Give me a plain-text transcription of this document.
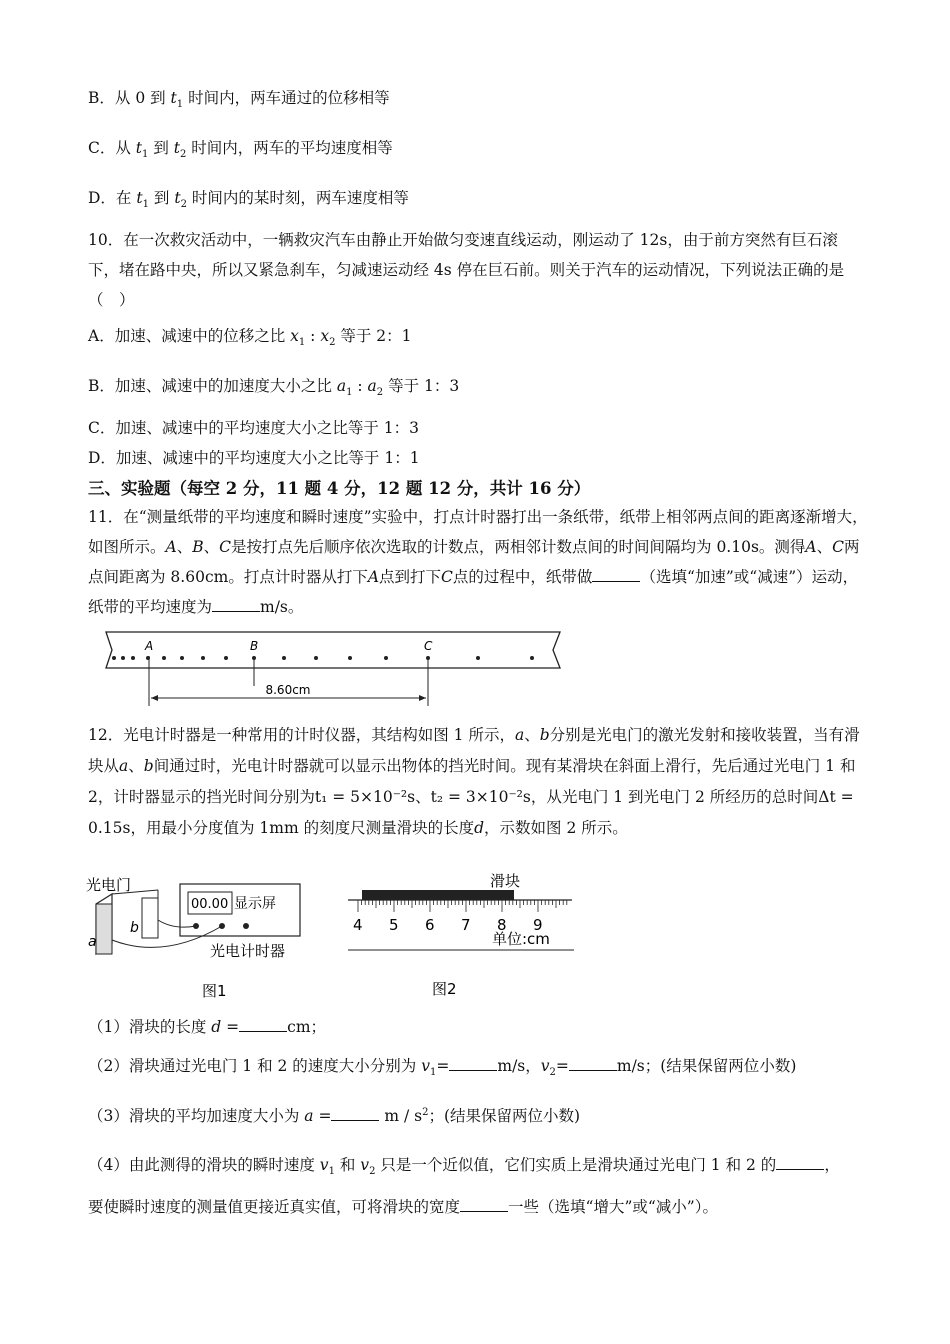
B．从 0 到 $t_1$ 时间内，两车通过的位移相等
C．从 $t_1$ 到 $t_2$ 时间内，两车的平均速度相等
D．在 $t_1$ 到 $t_2$ 时间内的某时刻，两车速度相等
10．在一次救灾活动中，一辆救灾汽车由静止开始做匀变速直线运动，刚运动了 12s，由于前方突然有巨石滚下，堵在路中央，所以又紧急刹车，匀减速运动经 4s 停在巨石前。则关于汽车的运动情况，下列说法正确的是（　）
A．加速、减速中的位移之比 $x_1$ : $x_2$ 等于 2：1
B．加速、减速中的加速度大小之比 $a_1$ : $a_2$ 等于 1：3
C．加速、减速中的平均速度大小之比等于 1：3
D．加速、减速中的平均速度大小之比等于 1：1
三、实验题（每空 2 分，11 题 4 分，12 题 12 分，共计 16 分）
11．在“测量纸带的平均速度和瞬时速度”实验中，打点计时器打出一条纸带，纸带上相邻两点间的距离逐渐增大，如图所示。A、B、C是按打点先后顺序依次选取的计数点，两相邻计数点间的时间间隔均为 0.10s。测得A、C两点间距离为 8.60cm。打点计时器从打下A点到打下C点的过程中，纸带做	（选填“加速”或“减速”）运动，纸带的平均速度为	m/s。
A	B	C
8.60cm
12．光电计时器是一种常用的计时仪器，其结构如图 1 所示，a、b分别是光电门的激光发射和接收装置，当有滑块从a、b间通过时，光电计时器就可以显示出物体的挡光时间。现有某滑块在斜面上滑行，先后通过光电门 1 和 2，计时器显示的挡光时间分别为t₁ = 5×10⁻²s、t₂ = 3×10⁻²s，从光电门 1 到光电门 2 所经历的总时间Δt = 0.15s，用最小分度值为 1mm 的刻度尺测量滑块的长度d，示数如图 2 所示。
光电门
a
b
00.00 显示屏
光电计时器
图1
滑块
4 5 6 7 8 9
单位:cm
图2
（1）滑块的长度 d =	cm；
（2）滑块通过光电门 1 和 2 的速度大小分别为 $v_1=$	m/s，$v_2=$	m/s；(结果保留两位小数)
（3）滑块的平均加速度大小为 a =	m / $s^2$；(结果保留两位小数)
（4）由此测得的滑块的瞬时速度 $v_1$ 和 $v_2$ 只是一个近似值，它们实质上是滑块通过光电门 1 和 2 的	，
要使瞬时速度的测量值更接近真实值，可将滑块的宽度	一些（选填“增大”或“减小”）。
